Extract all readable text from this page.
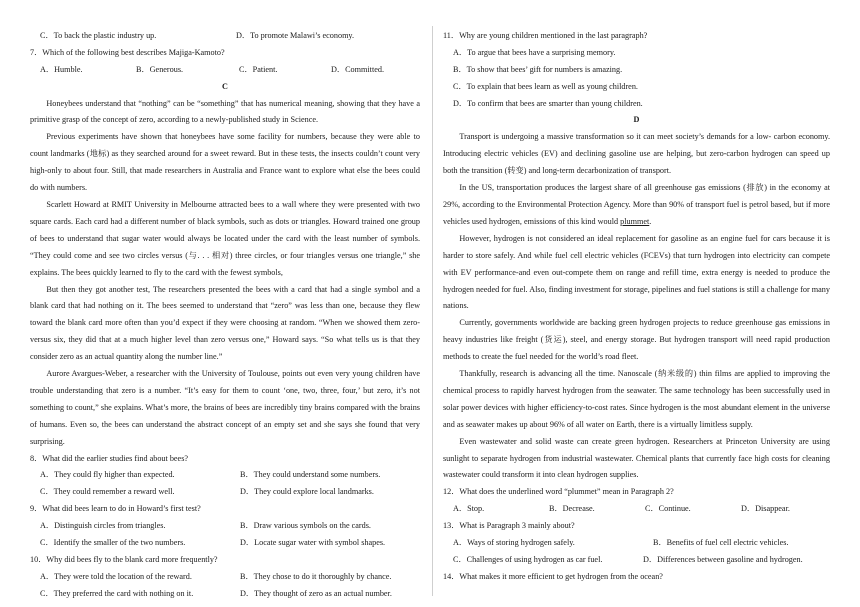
C．To back the plastic industry up.	D．To promote Malawi’s economy.
7．Which of the following best describes Majiga-Kamoto?
A．Humble.	B．Generous.	C．Patient.	D．Committed.
C

Honeybees understand that “nothing” can be “something” that has numerical meaning, showing that they have a primitive grasp of the concept of zero, according to a newly-published study in Science.

Previous experiments have shown that honeybees have some facility for numbers, because they were able to count landmarks (地标) as they searched around for a sweet reward. But in these tests, the insects couldn’t count very high-only to about four. Still, that made researchers in Australia and France want to explore what else the bees could do with numbers.

Scarlett Howard at RMIT University in Melbourne attracted bees to a wall where they were presented with two square cards. Each card had a different number of black symbols, such as dots or triangles. Howard trained one group of bees to understand that sugar water would always be located under the card with the least number of symbols. “They could come and see two circles versus (与. . . 相对) three circles, or four triangles versus one triangle,” she explains. The bees quickly learned to fly to the card with the fewest symbols,

But then they got another test, The researchers presented the bees with a card that had a single symbol and a blank card that had nothing on it. The bees seemed to understand that “zero” was less than one, because they flew toward the blank card more often than you’d expect if they were choosing at random. “When we showed them zero-versus six, they did that at a much higher level than zero versus one,” Howard says. “So what tells us is that they consider zero as an actual quantity along the number line.”

Aurore Avargues-Weber, a researcher with the University of Toulouse, points out even very young children have trouble understanding that zero is a number. “It’s easy for them to count ‘one, two, three, four,’ but zero, it’s not something to count,” she explains. What’s more, the brains of bees are incredibly tiny brains compared with the brains of humans. Even so, the bees can understand the abstract concept of an empty set and she says she found that very surprising.

8．What did the earlier studies find about bees?
A．They could fly higher than expected.	B．They could understand some numbers.
C．They could remember a reward well.	D．They could explore local landmarks.
9．What did bees learn to do in Howard’s first test?
A．Distinguish circles from triangles.	B．Draw various symbols on the cards.
C．Identify the smaller of the two numbers.	D．Locate sugar water with symbol shapes.
10．Why did bees fly to the blank card more frequently?
A．They were told the location of the reward.	B．They chose to do it thoroughly by chance.
C．They preferred the card with nothing on it.	D．They thought of zero as an actual number.
11．Why are young children mentioned in the last paragraph?
A．To argue that bees have a surprising memory.
B．To show that bees’ gift for numbers is amazing.
C．To explain that bees learn as well as young children.
D．To confirm that bees are smarter than young children.
D

Transport is undergoing a massive transformation so it can meet society’s demands for a low- carbon economy. Introducing electric vehicles (EV) and declining gasoline use are helping, but zero-carbon hydrogen can speed up both the transition (转变) and long-term decarbonization of transport.

In the US, transportation produces the largest share of all greenhouse gas emissions (排放) in the economy at 29%, according to the Environmental Protection Agency. More than 90% of transport fuel is petrol based, but if more vehicles used hydrogen, emissions of this kind would plummet.

However, hydrogen is not considered an ideal replacement for gasoline as an engine fuel for cars because it is harder to store safely. And while fuel cell electric vehicles (FCEVs) that turn hydrogen into electricity can compete with EV performance-and even out-compete them on range and refill time, extra energy is needed to produce the hydrogen needed for fuel. Also, finding investment for storage, pipelines and fuel stations is still a challenge for many nations.

Currently, governments worldwide are backing green hydrogen projects to reduce greenhouse gas emissions in heavy industries like freight (货运), steel, and energy storage. But hydrogen transport will need rapid production methods to create the fuel needed for the world’s road fleet.

Thankfully, research is advancing all the time. Nanoscale (纳米级的) thin films are applied to improving the chemical process to rapidly harvest hydrogen from the seawater. The same technology has been successfully used in solar power devices with higher efficiency-to-cost rates. Since hydrogen is the most abundant element in the universe and as seawater makes up about 96% of all water on Earth, there is a virtually limitless supply.

Even wastewater and solid waste can create green hydrogen. Researchers at Princeton University are using sunlight to separate hydrogen from industrial wastewater. Chemical plants that currently face high costs for cleaning wastewater could transform it into clean hydrogen supplies.

12．What does the underlined word “plummet” mean in Paragraph 2?
A．Stop.	B．Decrease.	C．Continue.	D．Disappear.
13．What is Paragraph 3 mainly about?
A．Ways of storing hydrogen safely.	B．Benefits of fuel cell electric vehicles.
C．Challenges of using hydrogen as car fuel.	D．Differences between gasoline and hydrogen.
14．What makes it more efficient to get hydrogen from the ocean?
